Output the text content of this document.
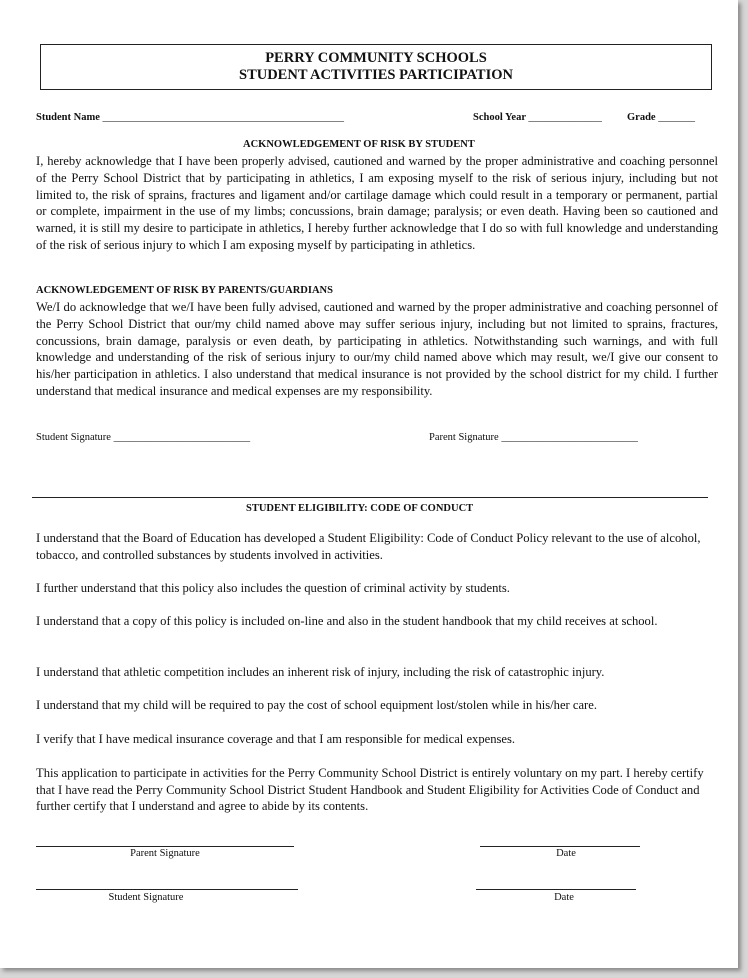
PERRY COMMUNITY SCHOOLS
STUDENT ACTIVITIES PARTICIPATION
Student Name ______________________________________________	School Year ______________ Grade _______
ACKNOWLEDGEMENT OF RISK BY STUDENT
I, hereby acknowledge that I have been properly advised, cautioned and warned by the proper administrative and coaching personnel of the Perry School District that by participating in athletics, I am exposing myself to the risk of serious injury, including but not limited to, the risk of sprains, fractures and ligament and/or cartilage damage which could result in a temporary or permanent, partial or complete, impairment in the use of my limbs; concussions, brain damage; paralysis; or even death. Having been so cautioned and warned, it is still my desire to participate in athletics, I hereby further acknowledge that I do so with full knowledge and understanding of the risk of serious injury to which I am exposing myself by participating in athletics.
ACKNOWLEDGEMENT OF RISK BY PARENTS/GUARDIANS
We/I do acknowledge that we/I have been fully advised, cautioned and warned by the proper administrative and coaching personnel of the Perry School District that our/my child named above may suffer serious injury, including but not limited to sprains, fractures, concussions, brain damage, paralysis or even death, by participating in athletics. Notwithstanding such warnings, and with full knowledge and understanding of the risk of serious injury to our/my child named above which may result, we/I give our consent to his/her participation in athletics. I also understand that medical insurance is not provided by the school district for my child. I further understand that medical insurance and medical expenses are my responsibility.
Student Signature __________________________	Parent Signature __________________________
STUDENT ELIGIBILITY: CODE OF CONDUCT
I understand that the Board of Education has developed a Student Eligibility: Code of Conduct Policy relevant to the use of alcohol, tobacco, and controlled substances by students involved in activities.
I further understand that this policy also includes the question of criminal activity by students.
I understand that a copy of this policy is included on-line and also in the student handbook that my child receives at school.
I understand that athletic competition includes an inherent risk of injury, including the risk of catastrophic injury.
I understand that my child will be required to pay the cost of school equipment lost/stolen while in his/her care.
I verify that I have medical insurance coverage and that I am responsible for medical expenses.
This application to participate in activities for the Perry Community School District is entirely voluntary on my part. I hereby certify that I have read the Perry Community School District Student Handbook and Student Eligibility for Activities Code of Conduct and further certify that I understand and agree to abide by its contents.
Parent Signature	Date
Student Signature	Date
